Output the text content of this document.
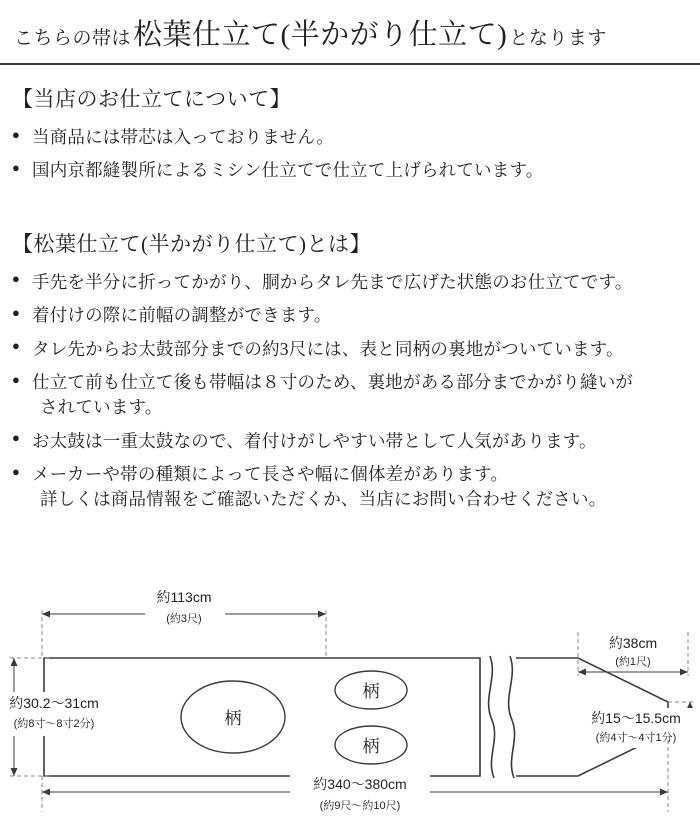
こちらの帯は 松葉仕立て(半かがり仕立て) となります
【当店のお仕立てについて】
● 当商品には帯芯は入っておりません。
● 国内京都縫製所によるミシン仕立てで仕立て上げられています。
【松葉仕立て(半かがり仕立て)とは】
● 手先を半分に折ってかがり、胴からタレ先まで広げた状態のお仕立てです。
● 着付けの際に前幅の調整ができます。
● タレ先からお太鼓部分までの約3尺には、表と同柄の裏地がついています。
● 仕立て前も仕立て後も帯幅は８寸のため、裏地がある部分までかがり縫いが
されています。
● お太鼓は一重太鼓なので、着付けがしやすい帯として人気があります。
● メーカーや帯の種類によって長さや幅に個体差があります。
詳しくは商品情報をご確認いただくか、当店にお問い合わせください。
約113cm
(約3尺)
約38cm
(約1尺)
柄
柄
柄
約30.2〜31cm
(約8寸〜8寸2分)	約15〜15.5cm
(約4寸〜4寸1分)
約340〜380cm
(約9尺〜約10尺)
